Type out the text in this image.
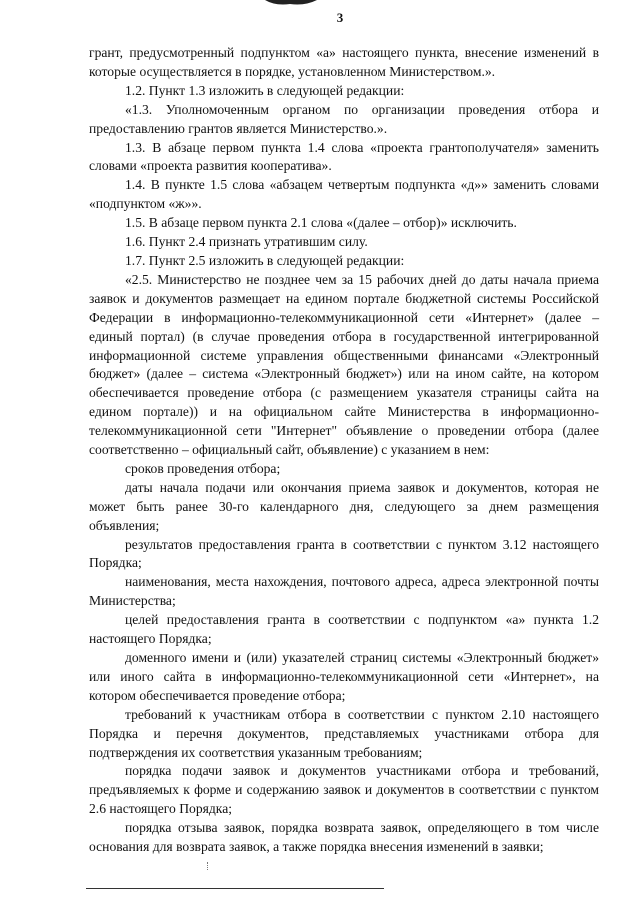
3

грант, предусмотренный подпунктом «а» настоящего пункта, внесение изменений в которые осуществляется в порядке, установленном Министерством.».

1.2. Пункт 1.3 изложить в следующей редакции:

«1.3. Уполномоченным органом по организации проведения отбора и предоставлению грантов является Министерство.».

1.3. В абзаце первом пункта 1.4 слова «проекта грантополучателя» заменить словами «проекта развития кооператива».

1.4. В пункте 1.5 слова «абзацем четвертым подпункта «д»» заменить словами «подпунктом «ж»».

1.5. В абзаце первом пункта 2.1 слова «(далее – отбор)» исключить.

1.6. Пункт 2.4 признать утратившим силу.

1.7. Пункт 2.5 изложить в следующей редакции:

«2.5. Министерство не позднее чем за 15 рабочих дней до даты начала приема заявок и документов размещает на едином портале бюджетной системы Российской Федерации в информационно-телекоммуникационной сети «Интернет» (далее – единый портал) (в случае проведения отбора в государственной интегрированной информационной системе управления общественными финансами «Электронный бюджет» (далее – система «Электронный бюджет») или на ином сайте, на котором обеспечивается проведение отбора (с размещением указателя страницы сайта на едином портале)) и на официальном сайте Министерства в информационно-телекоммуникационной сети "Интернет" объявление о проведении отбора (далее соответственно – официальный сайт, объявление) с указанием в нем:

сроков проведения отбора;

даты начала подачи или окончания приема заявок и документов, которая не может быть ранее 30-го календарного дня, следующего за днем размещения объявления;

результатов предоставления гранта в соответствии с пунктом 3.12 настоящего Порядка;

наименования, места нахождения, почтового адреса, адреса электронной почты Министерства;

целей предоставления гранта в соответствии с подпунктом «а» пункта 1.2 настоящего Порядка;

доменного имени и (или) указателей страниц системы «Электронный бюджет» или иного сайта в информационно-телекоммуникационной сети «Интернет», на котором обеспечивается проведение отбора;

требований к участникам отбора в соответствии с пунктом 2.10 настоящего Порядка и перечня документов, представляемых участниками отбора для подтверждения их соответствия указанным требованиям;

порядка подачи заявок и документов участниками отбора и требований, предъявляемых к форме и содержанию заявок и документов в соответствии с пунктом 2.6 настоящего Порядка;

порядка отзыва заявок, порядка возврата заявок, определяющего в том числе основания для возврата заявок, а также порядка внесения изменений в заявки;
